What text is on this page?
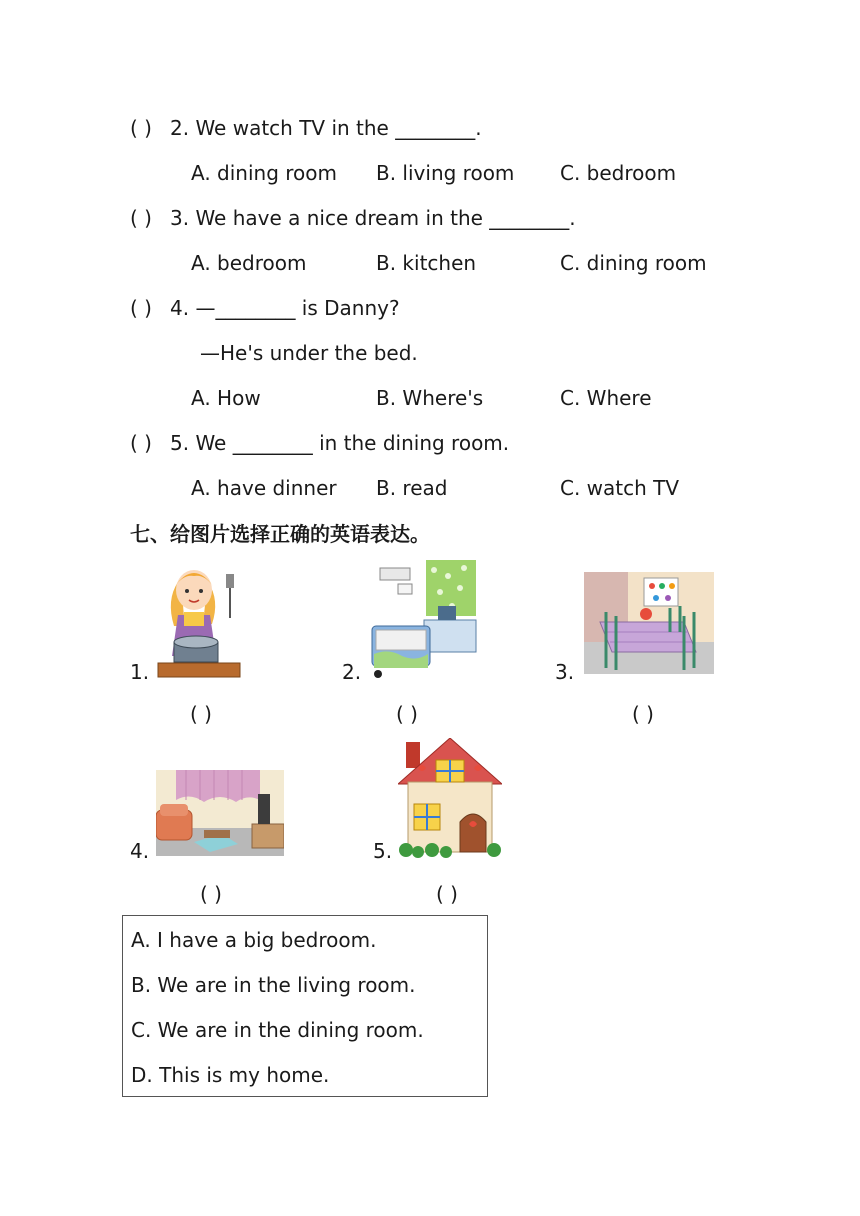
( ) 2. We watch TV in the ________.
A. dining room B. living room C. bedroom
( ) 3. We have a nice dream in the ________.
A. bedroom	B. kitchen	C. dining room
( ) 4. —________ is Danny?
—He's under the bed.
A. How	B. Where's	C. Where
( ) 5. We ________ in the dining room.
A. have dinner B. read	C. watch TV
七、给图片选择正确的英语表达。
1.
( )
2.
( )
3.
( )
4.
( )
5.
( )
A. I have a big bedroom.
B. We are in the living room.
C. We are in the dining room.
D. This is my home.
